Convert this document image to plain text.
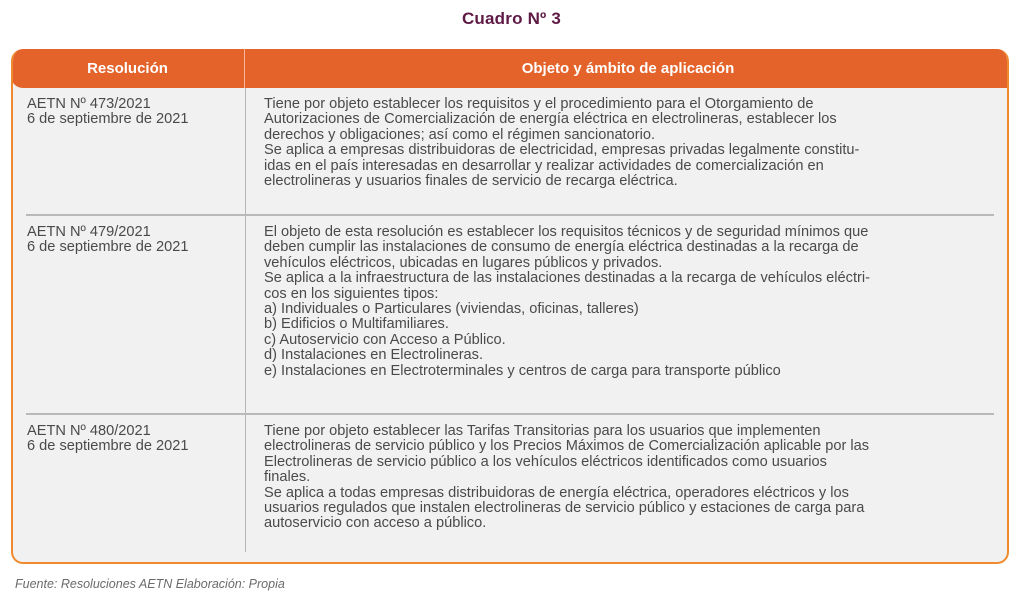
Cuadro Nº 3
Resolución	Objeto y ámbito de aplicación
AETN Nº 473/2021
6 de septiembre de 2021
Tiene por objeto establecer los requisitos y el procedimiento para el Otorgamiento de
Autorizaciones de Comercialización de energía eléctrica en electrolineras, establecer los
derechos y obligaciones; así como el régimen sancionatorio.
Se aplica a empresas distribuidoras de electricidad, empresas privadas legalmente constitu-
idas en el país interesadas en desarrollar y realizar actividades de comercialización en
electrolineras y usuarios finales de servicio de recarga eléctrica.
AETN Nº 479/2021
6 de septiembre de 2021
El objeto de esta resolución es establecer los requisitos técnicos y de seguridad mínimos que
deben cumplir las instalaciones de consumo de energía eléctrica destinadas a la recarga de
vehículos eléctricos, ubicadas en lugares públicos y privados.
Se aplica a la infraestructura de las instalaciones destinadas a la recarga de vehículos eléctri-
cos en los siguientes tipos:
a) Individuales o Particulares (viviendas, oficinas, talleres)
b) Edificios o Multifamiliares.
c) Autoservicio con Acceso a Público.
d) Instalaciones en Electrolineras.
e) Instalaciones en Electroterminales y centros de carga para transporte público
AETN Nº 480/2021
6 de septiembre de 2021
Tiene por objeto establecer las Tarifas Transitorias para los usuarios que implementen
electrolineras de servicio público y los Precios Máximos de Comercialización aplicable por las
Electrolineras de servicio público a los vehículos eléctricos identificados como usuarios
finales.
Se aplica a todas empresas distribuidoras de energía eléctrica, operadores eléctricos y los
usuarios regulados que instalen electrolineras de servicio público y estaciones de carga para
autoservicio con acceso a público.
Fuente: Resoluciones AETN Elaboración: Propia
